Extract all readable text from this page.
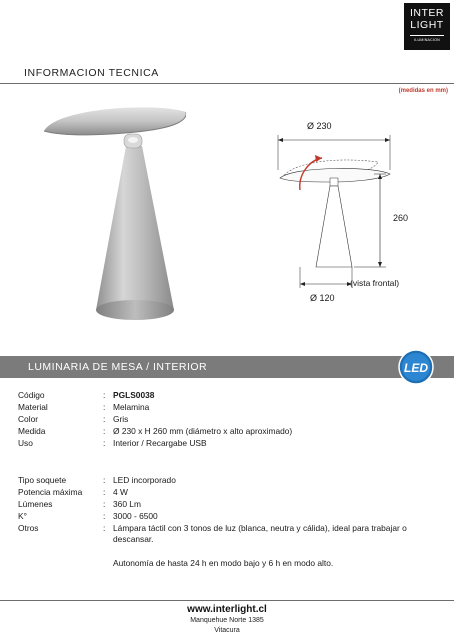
INTER
LIGHT
ILUMINACION
INFORMACION TECNICA
(medidas en mm)
Ø 230
260
Ø 120
(vista frontal)
LUMINARIA DE MESA / INTERIOR	LED
Código	: PGLS0038
Material	: Melamina
Color	: Gris
Medida	: Ø 230 x H 260 mm (diámetro x alto aproximado)
Uso	: Interior / Recargabe USB
Tipo soquete	: LED incorporado
Potencia máxima : 4 W
Lúmenes	: 360 Lm
K°	: 3000 - 6500
Otros	: Lámpara táctil con 3 tonos de luz (blanca, neutra y cálida), ideal para trabajar o descansar.
Autonomía de hasta 24 h en modo bajo y 6 h en modo alto.
www.interlight.cl
Manquehue Norte 1385
Vitacura
